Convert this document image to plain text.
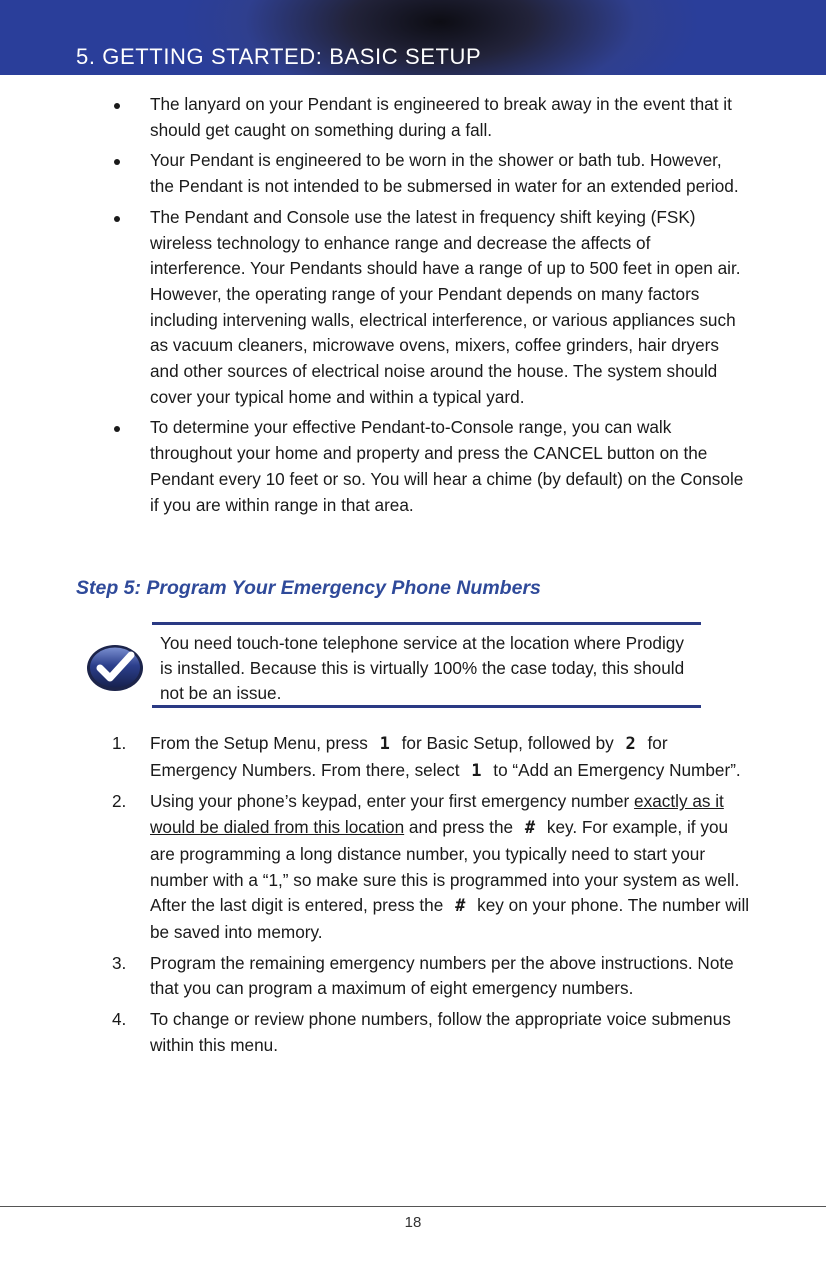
5. GETTING STARTED: BASIC SETUP
The lanyard on your Pendant is engineered to break away in the event that it should get caught on something during a fall.
Your Pendant is engineered to be worn in the shower or bath tub. However, the Pendant is not intended to be submersed in water for an extended period.
The Pendant and Console use the latest in frequency shift keying (FSK) wireless technology to enhance range and decrease the affects of interference. Your Pendants should have a range of up to 500 feet in open air. However, the operating range of your Pendant depends on many factors including intervening walls, electrical interference, or various appliances such as vacuum cleaners, microwave ovens, mixers, coffee grinders, hair dryers and other sources of electrical noise around the house. The system should cover your typical home and within a typical yard.
To determine your effective Pendant-to-Console range, you can walk throughout your home and property and press the CANCEL button on the Pendant every 10 feet or so. You will hear a chime (by default) on the Console if you are within range in that area.
Step 5: Program Your Emergency Phone Numbers
You need touch-tone telephone service at the location where Prodigy is installed. Because this is virtually 100% the case today, this should not be an issue.
1. From the Setup Menu, press 1 for Basic Setup, followed by 2 for Emergency Numbers. From there, select 1 to “Add an Emergency Number”.
2. Using your phone’s keypad, enter your first emergency number exactly as it would be dialed from this location and press the # key. For example, if you are programming a long distance number, you typically need to start your number with a “1,” so make sure this is programmed into your system as well. After the last digit is entered, press the # key on your phone. The number will be saved into memory.
3. Program the remaining emergency numbers per the above instructions. Note that you can program a maximum of eight emergency numbers.
4. To change or review phone numbers, follow the appropriate voice submenus within this menu.
18
